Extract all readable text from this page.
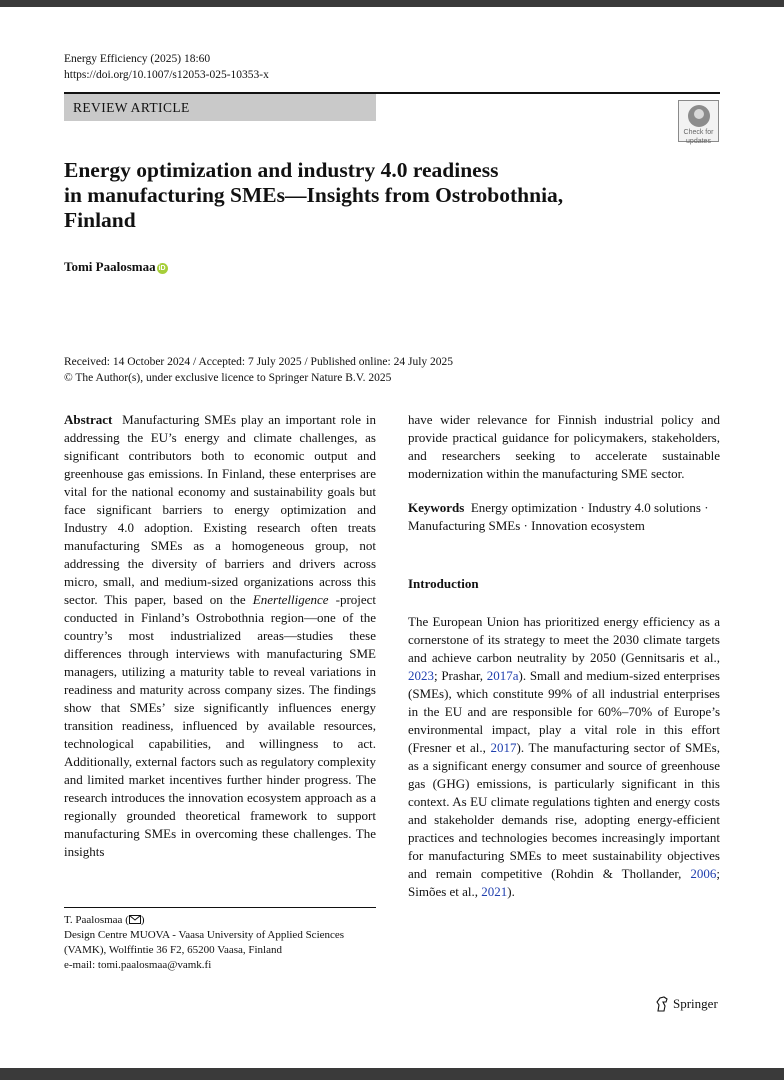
Energy Efficiency (2025) 18:60
https://doi.org/10.1007/s12053-025-10353-x
REVIEW ARTICLE
Check for
updates
Energy optimization and industry 4.0 readiness
in manufacturing SMEs—Insights from Ostrobothnia,
Finland
Tomi Paalosmaa iD
Received: 14 October 2024 / Accepted: 7 July 2025 / Published online: 24 July 2025
© The Author(s), under exclusive licence to Springer Nature B.V. 2025

Abstract Manufacturing SMEs play an important role in addressing the EU’s energy and climate challenges, as significant contributors both to economic output and greenhouse gas emissions. In Finland, these enterprises are vital for the national economy and sustainability goals but face significant barriers to energy optimization and Industry 4.0 adoption. Existing research often treats manufacturing SMEs as a homogeneous group, not addressing the diversity of barriers and drivers across micro, small, and medium-sized organizations across this sector. This paper, based on the Enertelligence -project conducted in Finland’s Ostrobothnia region—one of the country’s most industrialized areas—studies these differences through interviews with manufacturing SME managers, utilizing a maturity table to reveal variations in readiness and maturity across company sizes. The findings show that SMEs’ size significantly influences energy transition readiness, influenced by available resources, technological capabilities, and willingness to act. Additionally, external factors such as regulatory complexity and limited market incentives further hinder progress. The research introduces the innovation ecosystem approach as a regionally grounded theoretical framework to support manufacturing SMEs in overcoming these challenges. The insights

have wider relevance for Finnish industrial policy and provide practical guidance for policymakers, stakeholders, and researchers seeking to accelerate sustainable modernization within the manufacturing SME sector.

Keywords Energy optimization · Industry 4.0 solutions · Manufacturing SMEs · Innovation ecosystem

Introduction

The European Union has prioritized energy efficiency as a cornerstone of its strategy to meet the 2030 climate targets and achieve carbon neutrality by 2050 (Gennitsaris et al., 2023; Prashar, 2017a). Small and medium-sized enterprises (SMEs), which constitute 99% of all industrial enterprises in the EU and are responsible for 60%–70% of Europe’s environmental impact, play a vital role in this effort (Fresner et al., 2017). The manufacturing sector of SMEs, as a significant energy consumer and source of greenhouse gas (GHG) emissions, is particularly significant in this context. As EU climate regulations tighten and energy costs and stakeholder demands rise, adopting energy-efficient practices and technologies becomes increasingly important for manufacturing SMEs to meet sustainability objectives and remain competitive (Rohdin & Thollander, 2006; Simões et al., 2021).

T. Paalosmaa ( )
Design Centre MUOVA - Vaasa University of Applied Sciences (VAMK), Wolffintie 36 F2, 65200 Vaasa, Finland
e-mail: tomi.paalosmaa@vamk.fi
Springer
